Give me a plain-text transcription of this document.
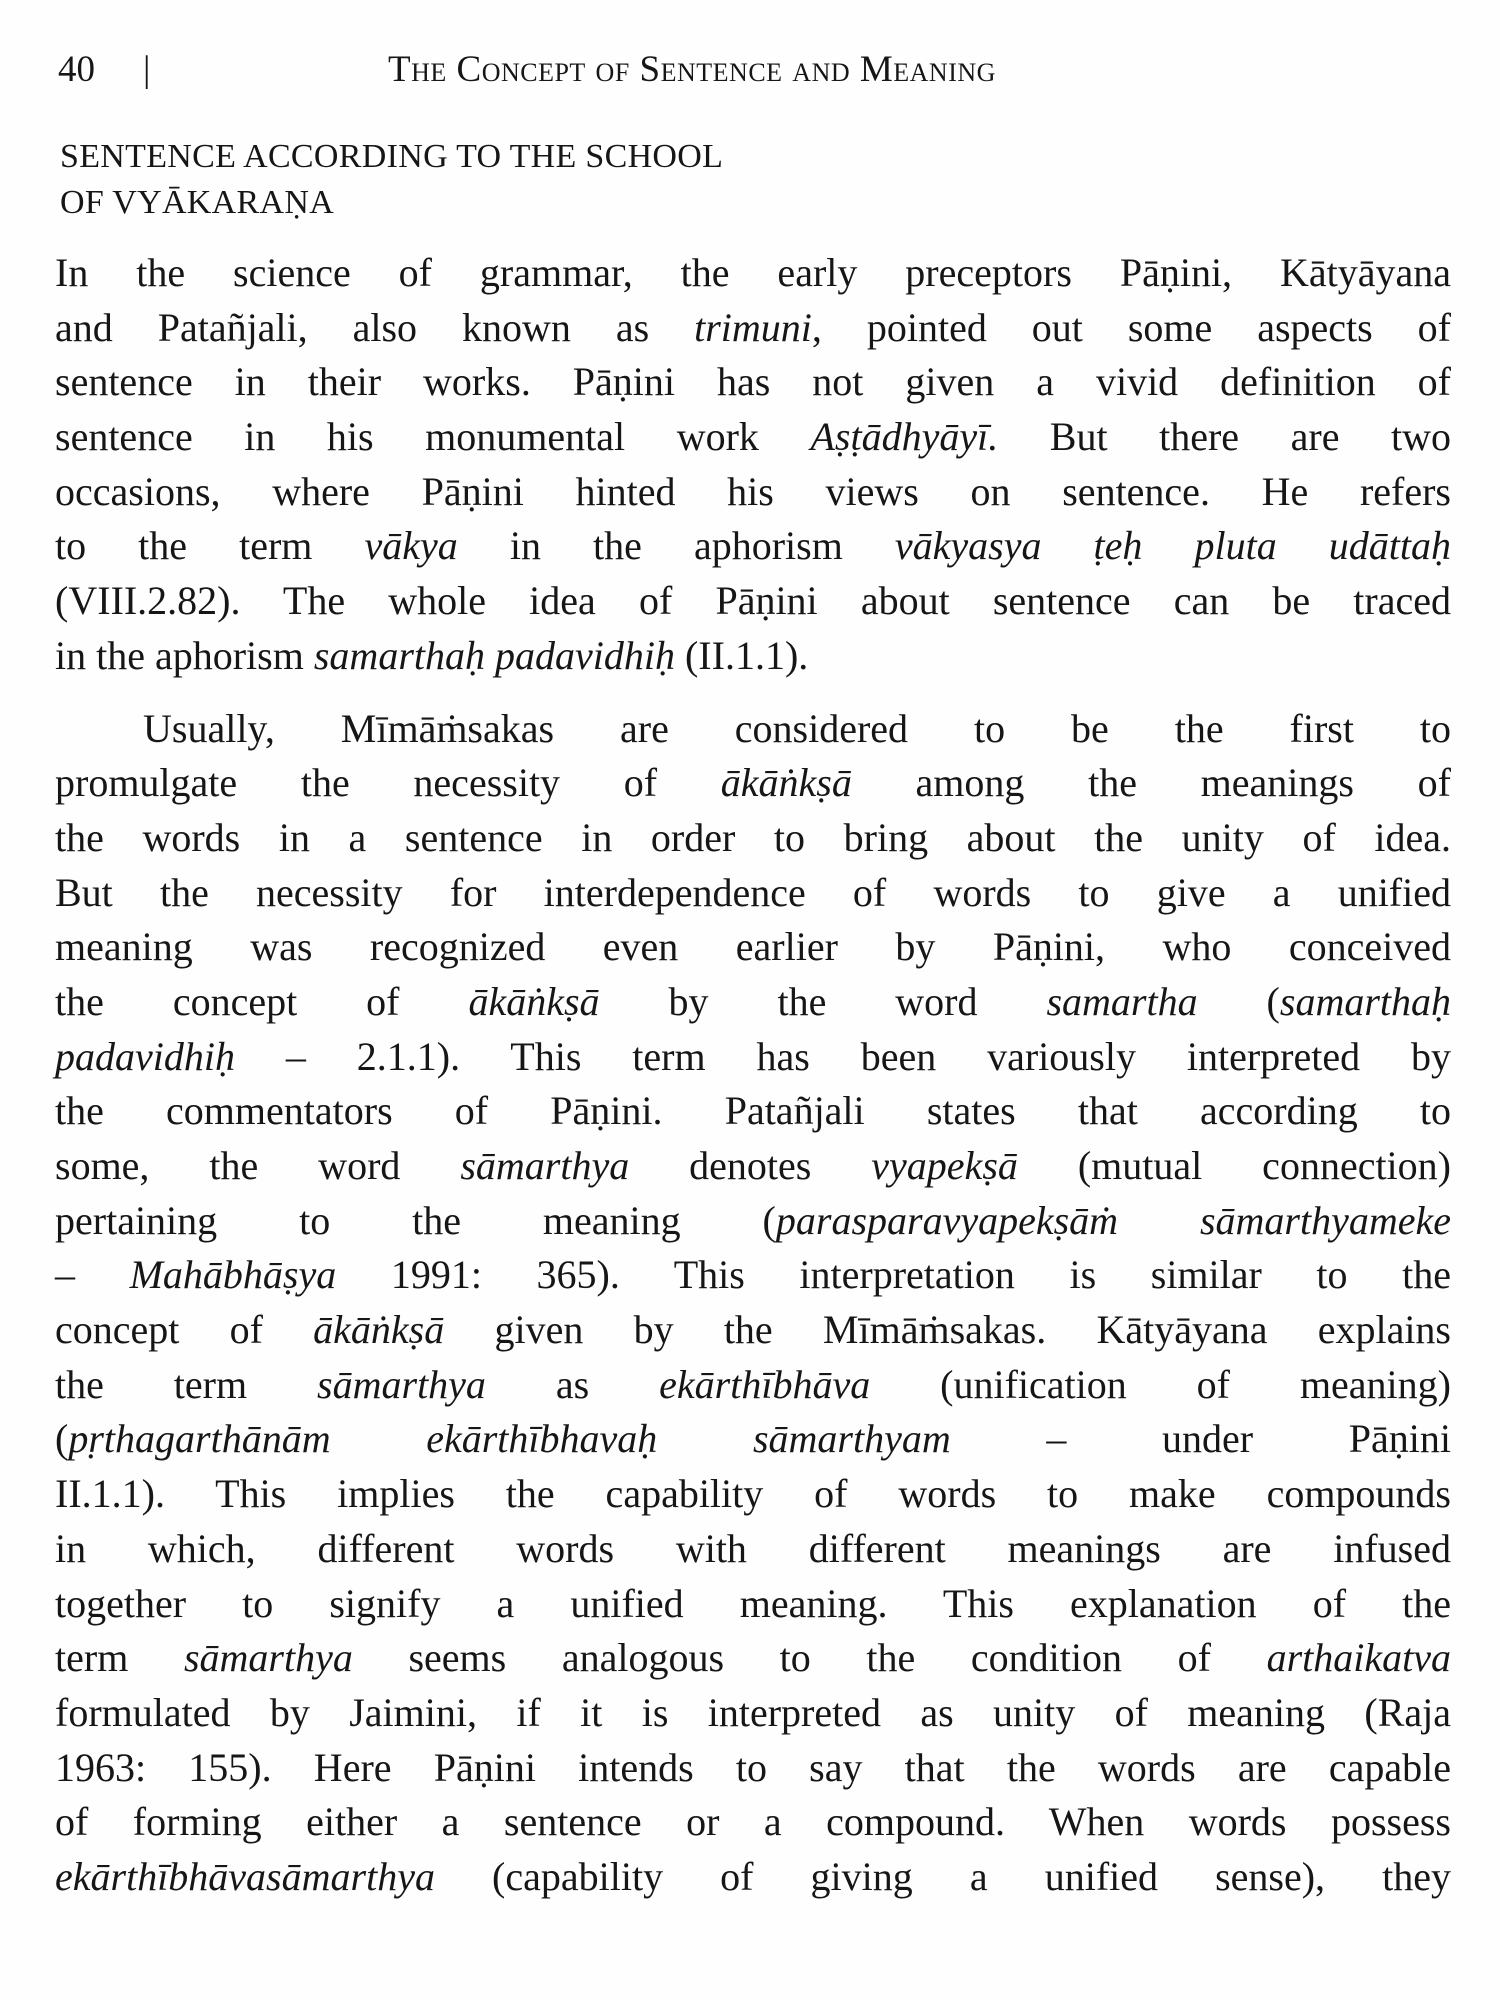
40 |	The Concept of Sentence and Meaning
SENTENCE ACCORDING TO THE SCHOOL
OF VYĀKARAṆA
In the science of grammar, the early preceptors Pāṇini, Kātyāyana
and Patañjali, also known as trimuni, pointed out some aspects of
sentence in their works. Pāṇini has not given a vivid definition of
sentence in his monumental work Aṣṭādhyāyī. But there are two
occasions, where Pāṇini hinted his views on sentence. He refers
to the term vākya in the aphorism vākyasya ṭeḥ pluta udāttaḥ
(VIII.2.82). The whole idea of Pāṇini about sentence can be traced
in the aphorism samarthaḥ padavidhiḥ (II.1.1).
Usually, Mīmāṁsakas are considered to be the first to
promulgate the necessity of ākāṅkṣā among the meanings of
the words in a sentence in order to bring about the unity of idea.
But the necessity for interdependence of words to give a unified
meaning was recognized even earlier by Pāṇini, who conceived
the concept of ākāṅkṣā by the word samartha (samarthaḥ
padavidhiḥ – 2.1.1). This term has been variously interpreted by
the commentators of Pāṇini. Patañjali states that according to
some, the word sāmarthya denotes vyapekṣā (mutual connection)
pertaining to the meaning (parasparavyapekṣāṁ sāmarthyameke
– Mahābhāṣya 1991: 365). This interpretation is similar to the
concept of ākāṅkṣā given by the Mīmāṁsakas. Kātyāyana explains
the term sāmarthya as ekārthībhāva (unification of meaning)
(pṛthagarthānām ekārthībhavaḥ sāmarthyam – under Pāṇini
II.1.1). This implies the capability of words to make compounds
in which, different words with different meanings are infused
together to signify a unified meaning. This explanation of the
term sāmarthya seems analogous to the condition of arthaikatva
formulated by Jaimini, if it is interpreted as unity of meaning (Raja
1963: 155). Here Pāṇini intends to say that the words are capable
of forming either a sentence or a compound. When words possess
ekārthībhāvasāmarthya (capability of giving a unified sense), they
